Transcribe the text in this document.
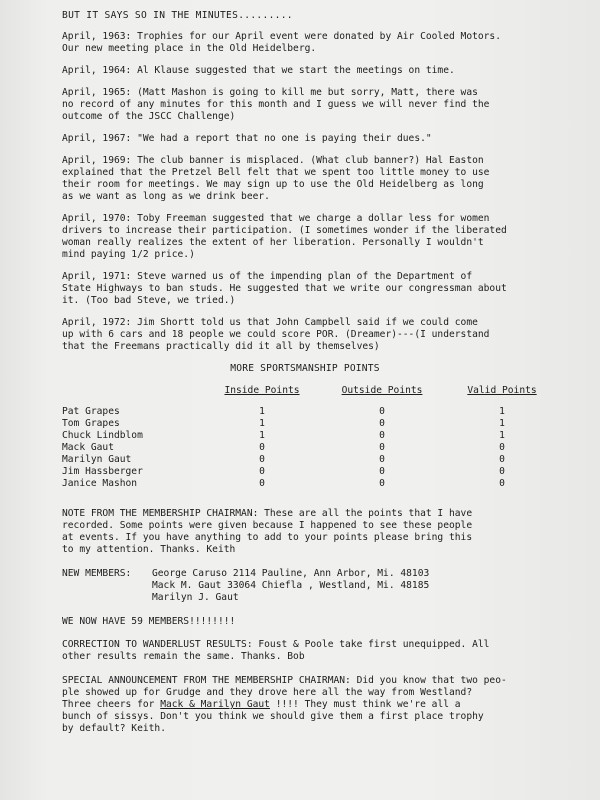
BUT IT SAYS SO IN THE MINUTES.........
April, 1963: Trophies for our April event were donated by Air Cooled Motors.
Our new meeting place in the Old Heidelberg.
April, 1964: Al Klause suggested that we start the meetings on time.
April, 1965: (Matt Mashon is going to kill me but sorry, Matt, there was
no record of any minutes for this month and I guess we will never find the
outcome of the JSCC Challenge)
April, 1967: "We had a report that no one is paying their dues."
April, 1969: The club banner is misplaced. (What club banner?) Hal Easton
explained that the Pretzel Bell felt that we spent too little money to use
their room for meetings. We may sign up to use the Old Heidelberg as long
as we want as long as we drink beer.
April, 1970: Toby Freeman suggested that we charge a dollar less for women
drivers to increase their participation. (I sometimes wonder if the liberated
woman really realizes the extent of her liberation. Personally I wouldn't
mind paying 1/2 price.)
April, 1971: Steve warned us of the impending plan of the Department of
State Highways to ban studs. He suggested that we write our congressman about
it. (Too bad Steve, we tried.)
April, 1972: Jim Shortt told us that John Campbell said if we could come
up with 6 cars and 18 people we could score POR. (Dreamer)---(I understand
that the Freemans practically did it all by themselves)
MORE SPORTSMANSHIP POINTS
	Inside Points	Outside Points	Valid Points
Pat Grapes	1	0	1
Tom Grapes	1	0	1
Chuck Lindblom	1	0	1
Mack Gaut	0	0	0
Marilyn Gaut	0	0	0
Jim Hassberger	0	0	0
Janice Mashon	0	0	0
NOTE FROM THE MEMBERSHIP CHAIRMAN: These are all the points that I have
recorded. Some points were given because I happened to see these people
at events. If you have anything to add to your points please bring this
to my attention. Thanks. Keith
NEW MEMBERS:	George Caruso 2114 Pauline, Ann Arbor, Mi. 48103
Mack M. Gaut 33064 Chiefla , Westland, Mi. 48185
Marilyn J. Gaut
WE NOW HAVE 59 MEMBERS!!!!!!!!
CORRECTION TO WANDERLUST RESULTS: Foust & Poole take first unequipped. All
other results remain the same. Thanks. Bob
SPECIAL ANNOUNCEMENT FROM THE MEMBERSHIP CHAIRMAN: Did you know that two peo-
ple showed up for Grudge and they drove here all the way from Westland?
Three cheers for Mack & Marilyn Gaut !!!! They must think we're all a
bunch of sissys. Don't you think we should give them a first place trophy
by default? Keith.
